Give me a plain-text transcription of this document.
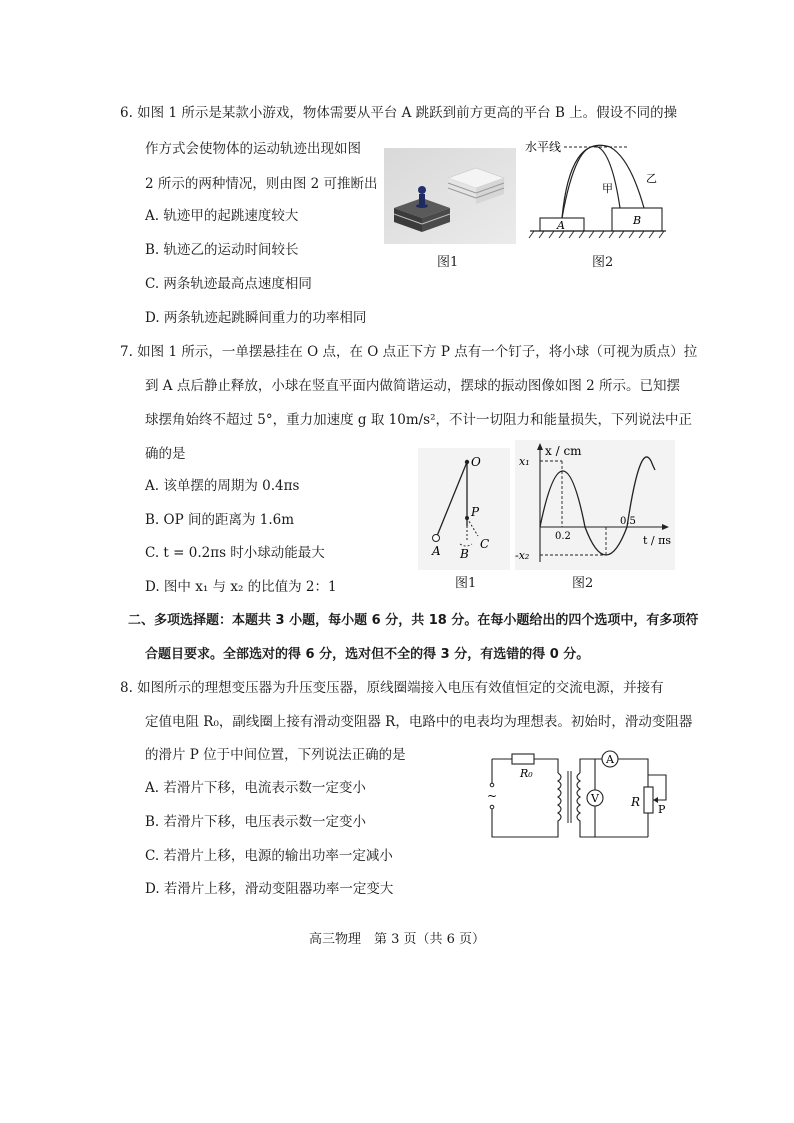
6. 如图 1 所示是某款小游戏，物体需要从平台 A 跳跃到前方更高的平台 B 上。假设不同的操
作方式会使物体的运动轨迹出现如图
2 所示的两种情况，则由图 2 可推断出
A. 轨迹甲的起跳速度较大
B. 轨迹乙的运动时间较长
C. 两条轨迹最高点速度相同
D. 两条轨迹起跳瞬间重力的功率相同
图1
水平线
A	B
甲
乙
图2
7. 如图 1 所示，一单摆悬挂在 O 点，在 O 点正下方 P 点有一个钉子，将小球（可视为质点）拉
到 A 点后静止释放，小球在竖直平面内做简谐运动，摆球的振动图像如图 2 所示。已知摆
球摆角始终不超过 5°，重力加速度 g 取 10m/s²，不计一切阻力和能量损失，下列说法中正
确的是
A. 该单摆的周期为 0.4πs
B. OP 间的距离为 1.6m
C. t = 0.2πs 时小球动能最大
D. 图中 x₁ 与 x₂ 的比值为 2：1
O
A
P
B
C
图1
x / cm
t / πs
x₁
-x₂
0.2
0.5
图2
二、多项选择题：本题共 3 小题，每小题 6 分，共 18 分。在每小题给出的四个选项中，有多项符
合题目要求。全部选对的得 6 分，选对但不全的得 3 分，有选错的得 0 分。
8. 如图所示的理想变压器为升压变压器，原线圈端接入电压有效值恒定的交流电源，并接有
定值电阻 R₀，副线圈上接有滑动变阻器 R，电路中的电表均为理想表。初始时，滑动变阻器
的滑片 P 位于中间位置，下列说法正确的是
A. 若滑片下移，电流表示数一定变小
B. 若滑片下移，电压表示数一定变小
C. 若滑片上移，电源的输出功率一定减小
D. 若滑片上移，滑动变阻器功率一定变大
R₀
~
A
V	R
P
高三物理　第 3 页（共 6 页）
